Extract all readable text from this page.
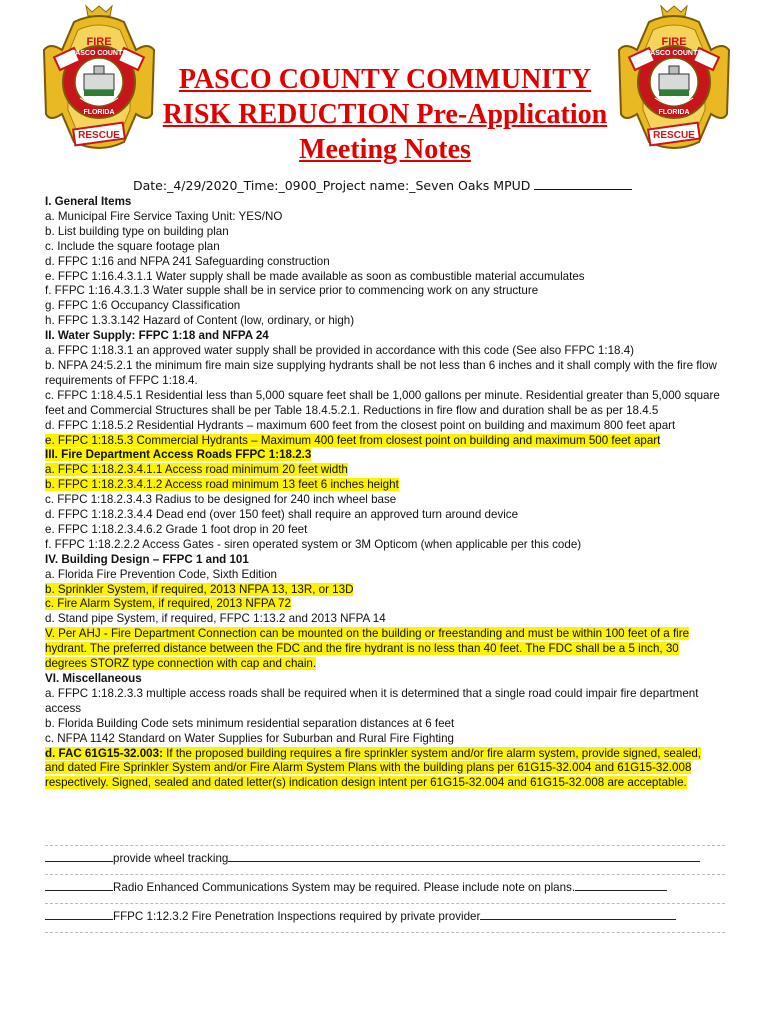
FIRE
PASCO COUNTY
FLORIDA
RESCUE
FIRE
PASCO COUNTY
FLORIDA
RESCUE
PASCO COUNTY COMMUNITY
RISK REDUCTION Pre-Application
Meeting Notes
Date:_4/29/2020_Time:_0900_Project name:_Seven Oaks MPUD
I. General Items
a. Municipal Fire Service Taxing Unit: YES/NO
b. List building type on building plan
c. Include the square footage plan
d. FFPC 1:16 and NFPA 241 Safeguarding construction
e. FFPC 1:16.4.3.1.1 Water supply shall be made available as soon as combustible material accumulates
f. FFPC 1:16.4.3.1.3 Water supple shall be in service prior to commencing work on any structure
g. FFPC 1:6 Occupancy Classification
h. FFPC 1.3.3.142 Hazard of Content (low, ordinary, or high)
II. Water Supply: FFPC 1:18 and NFPA 24
a. FFPC 1:18.3.1 an approved water supply shall be provided in accordance with this code (See also FFPC 1:18.4)
b. NFPA 24:5.2.1 the minimum fire main size supplying hydrants shall be not less than 6 inches and it shall comply with the fire flow requirements of FFPC 1:18.4.
c. FFPC 1:18.4.5.1 Residential less than 5,000 square feet shall be 1,000 gallons per minute. Residential greater than 5,000 square feet and Commercial Structures shall be per Table 18.4.5.2.1. Reductions in fire flow and duration shall be as per 18.4.5
d. FFPC 1:18.5.2 Residential Hydrants – maximum 600 feet from the closest point on building and maximum 800 feet apart
e. FFPC 1:18.5.3 Commercial Hydrants – Maximum 400 feet from closest point on building and maximum 500 feet apart
III. Fire Department Access Roads FFPC 1:18.2.3
a. FFPC 1:18.2.3.4.1.1 Access road minimum 20 feet width
b. FFPC 1:18.2.3.4.1.2 Access road minimum 13 feet 6 inches height
c. FFPC 1:18.2.3.4.3 Radius to be designed for 240 inch wheel base
d. FFPC 1:18.2.3.4.4 Dead end (over 150 feet) shall require an approved turn around device
e. FFPC 1:18.2.3.4.6.2 Grade 1 foot drop in 20 feet
f. FFPC 1:18.2.2.2 Access Gates - siren operated system or 3M Opticom (when applicable per this code)
IV. Building Design – FFPC 1 and 101
a. Florida Fire Prevention Code, Sixth Edition
b. Sprinkler System, if required, 2013 NFPA 13, 13R, or 13D
c. Fire Alarm System, if required, 2013 NFPA 72
d. Stand pipe System, if required, FFPC 1:13.2 and 2013 NFPA 14
V. Per AHJ - Fire Department Connection can be mounted on the building or freestanding and must be within 100 feet of a fire hydrant. The preferred distance between the FDC and the fire hydrant is no less than 40 feet. The FDC shall be a 5 inch, 30 degrees STORZ type connection with cap and chain.
VI. Miscellaneous
a. FFPC 1:18.2.3.3 multiple access roads shall be required when it is determined that a single road could impair fire department access
b. Florida Building Code sets minimum residential separation distances at 6 feet
c. NFPA 1142 Standard on Water Supplies for Suburban and Rural Fire Fighting
d. FAC 61G15-32.003: If the proposed building requires a fire sprinkler system and/or fire alarm system, provide signed, sealed, and dated Fire Sprinkler System and/or Fire Alarm System Plans with the building plans per 61G15-32.004 and 61G15-32.008 respectively. Signed, sealed and dated letter(s) indication design intent per 61G15-32.004 and 61G15-32.008 are acceptable.
provide wheel tracking
Radio Enhanced Communications System may be required. Please include note on plans.
FFPC 1:12.3.2 Fire Penetration Inspections required by private provider
